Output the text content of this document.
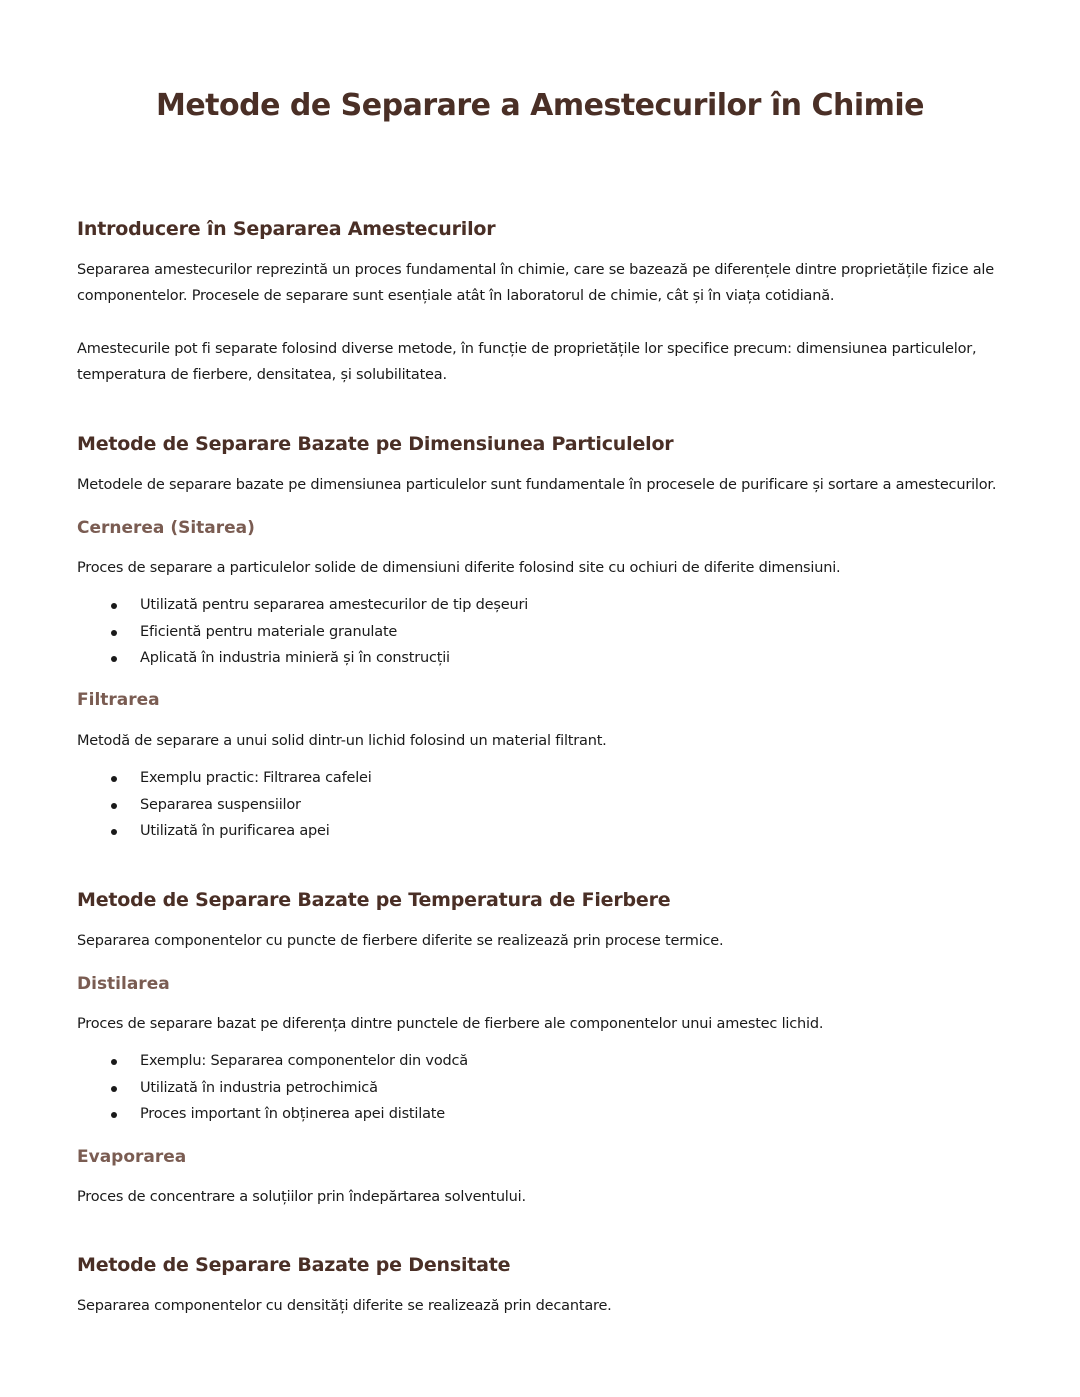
Metode de Separare a Amestecurilor în Chimie
Introducere în Separarea Amestecurilor

Separarea amestecurilor reprezintă un proces fundamental în chimie, care se bazează pe diferențele dintre proprietățile fizice ale

componentelor. Procesele de separare sunt esențiale atât în laboratorul de chimie, cât și în viața cotidiană.

Amestecurile pot fi separate folosind diverse metode, în funcție de proprietățile lor specifice precum: dimensiunea particulelor,

temperatura de fierbere, densitatea, și solubilitatea.

Metode de Separare Bazate pe Dimensiunea Particulelor

Metodele de separare bazate pe dimensiunea particulelor sunt fundamentale în procesele de purificare și sortare a amestecurilor.

Cernerea (Sitarea)

Proces de separare a particulelor solide de dimensiuni diferite folosind site cu ochiuri de diferite dimensiuni.

Utilizată pentru separarea amestecurilor de tip deșeuri
Eficientă pentru materiale granulate
Aplicată în industria minieră și în construcții
Filtrarea

Metodă de separare a unui solid dintr-un lichid folosind un material filtrant.

Exemplu practic: Filtrarea cafelei
Separarea suspensiilor
Utilizată în purificarea apei
Metode de Separare Bazate pe Temperatura de Fierbere

Separarea componentelor cu puncte de fierbere diferite se realizează prin procese termice.

Distilarea

Proces de separare bazat pe diferența dintre punctele de fierbere ale componentelor unui amestec lichid.

Exemplu: Separarea componentelor din vodcă
Utilizată în industria petrochimică
Proces important în obținerea apei distilate
Evaporarea

Proces de concentrare a soluțiilor prin îndepărtarea solventului.

Metode de Separare Bazate pe Densitate

Separarea componentelor cu densități diferite se realizează prin decantare.
